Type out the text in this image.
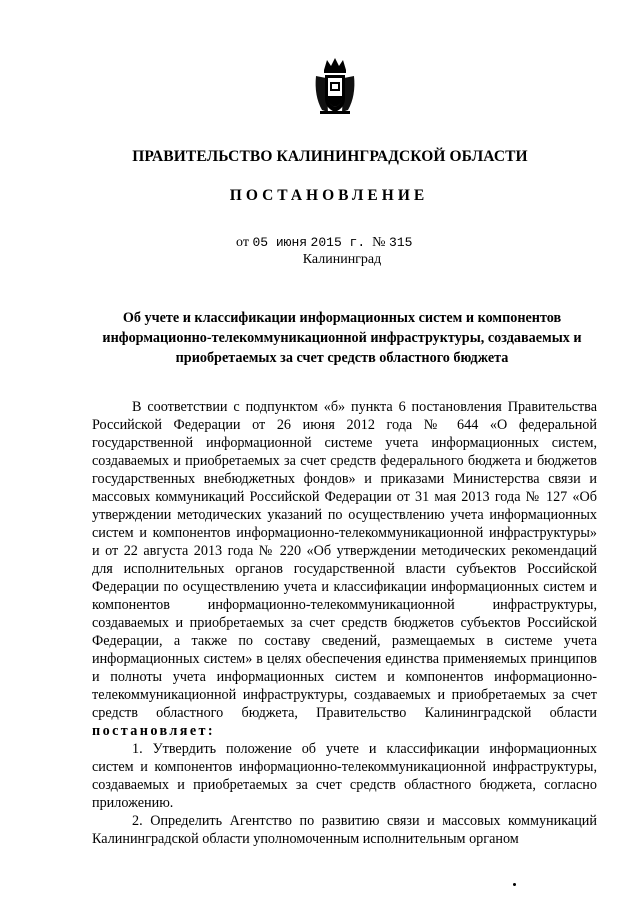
ПРАВИТЕЛЬСТВО КАЛИНИНГРАДСКОЙ ОБЛАСТИ
ПОСТАНОВЛЕНИЕ
от 05 июня 2015 г. № 315
Калининград
Об учете и классификации информационных систем и компонентов информационно-телекоммуникационной инфраструктуры, создаваемых и приобретаемых за счет средств областного бюджета

В соответствии с подпунктом «б» пункта 6 постановления Правительства Российской Федерации от 26 июня 2012 года № 644 «О федеральной государственной информационной системе учета информационных систем, создаваемых и приобретаемых за счет средств федерального бюджета и бюджетов государственных внебюджетных фондов» и приказами Министерства связи и массовых коммуникаций Российской Федерации от 31 мая 2013 года № 127 «Об утверждении методических указаний по осуществлению учета информационных систем и компонентов информационно-телекоммуникационной инфраструктуры» и от 22 августа 2013 года № 220 «Об утверждении методических рекомендаций для исполнительных органов государственной власти субъектов Российской Федерации по осуществлению учета и классификации информационных систем и компонентов информационно-телекоммуникационной инфраструктуры, создаваемых и приобретаемых за счет средств бюджетов субъектов Российской Федерации, а также по составу сведений, размещаемых в системе учета информационных систем» в целях обеспечения единства применяемых принципов и полноты учета информационных систем и компонентов информационно-телекоммуникационной инфраструктуры, создаваемых и приобретаемых за счет средств областного бюджета, Правительство Калининградской области постановляет:

1. Утвердить положение об учете и классификации информационных систем и компонентов информационно-телекоммуникационной инфраструктуры, создаваемых и приобретаемых за счет средств областного бюджета, согласно приложению.

2. Определить Агентство по развитию связи и массовых коммуникаций Калининградской области уполномоченным исполнительным органом
